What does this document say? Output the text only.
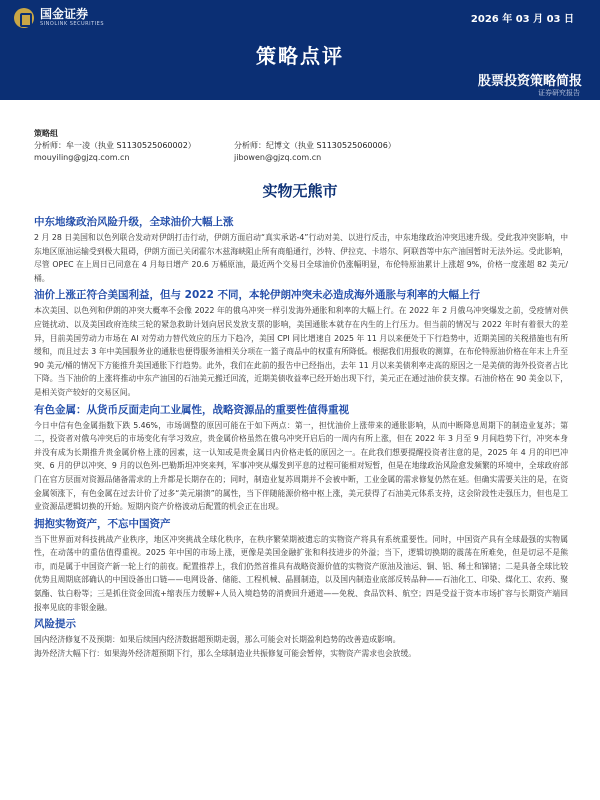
国金证券
SINOLINK SECURITIES	2026 年 03 月 03 日
策略点评
股票投资策略简报
证券研究报告
策略组
分析师：牟一凌（执业 S1130525060002）
mouyiling@gjzq.com.cn
分析师：纪博文（执业 S1130525060006）
jibowen@gjzq.com.cn
实物无熊市
中东地缘政治风险升级，全球油价大幅上涨

2 月 28 日美国和以色列联合发动对伊朗打击行动，伊朗方面启动“真实承诺-4”行动对美、以进行反击，中东地缘政治冲突迅速升级。受此我冲突影响，中东地区原油运输受到极大阻碍，伊朗方面已关闭霍尔木兹海峡阻止所有商船通行，沙特、伊拉克、卡塔尔、阿联酋等中东产油国暂时无法外运。受此影响，尽管 OPEC 在上周日已同意在 4 月每日增产 20.6 万桶原油，最近两个交易日全球油价仍涨幅明显，布伦特原油累计上涨超 9%，价格一度涨超 82 美元/桶。

油价上涨正符合美国利益，但与 2022 不同，本轮伊朗冲突未必造成海外通胀与利率的大幅上行

本次美国、以色列和伊朗的冲突大概率不会像 2022 年的俄乌冲突一样引发海外通胀和利率的大幅上行。在 2022 年 2 月俄乌冲突爆发之前，受疫情对供应链扰动、以及美国政府连续三轮的紧急救助计划向居民发放支票的影响，美国通胀本就存在内生的上行压力。但当前的情况与 2022 年时有着很大的差异，目前美国劳动力市场在 AI 对劳动力替代效应的压力下趋冷，美国 CPI 同比增速自 2025 年 11 月以来便处于下行趋势中，近期美国的关税措施也有所缓和，而且过去 3 年中美国服务业的通胀也便得服务油相关分项在一篮子商品中的权重有所降低。根据我们用报收的测算，在布伦特原油价格在年末上升至 90 美元/桶的情况下方能推升美国通胀下行趋势。此外，我们在此前的报告中已经指出，去年 11 月以来美债利率走高的原因之一是美债的海外投资者占比下降。当下油价的上涨将推动中东产油国的石油美元搬迁回流，近期美债收益率已经开始出现下行，美元正在通过油价获支撑。石油价格在 90 美金以下，是相关资产较好的交易区间。

有色金属：从货币反面走向工业属性，战略资源品的重要性值得重视

今日中信有色金属指数下跌 5.46%，市场调整的原因可能在于如下两点：第一，担忧油价上涨带来的通胀影响，从而中断降息周期下的制造业复苏；第二，投资者对俄乌冲突后的市场变化有学习效应，贵金属价格虽然在俄乌冲突开启后的一周内有所上涨，但在 2022 年 3 月至 9 月间趋势下行，冲突本身并没有成为长期推升贵金属价格上涨的因素，这一认知或是贵金属日内价格走低的原因之一。在此我们想要提醒投资者注意的是，2025 年 4 月的印巴冲突、6 月的伊以冲突、9 月的以色列-巴勒斯坦冲突来判，军事冲突从爆发到平息的过程可能相对短暂，但是在地缘政治风险愈发频繁的环境中，全球政府部门在官方层面对资源品储备需求的上升都是长期存在的；同时，制造业复苏周期并不会被中断，工业金属的需求修复仍然在延。但确实需要关注的是，在资金属领涨下，有色金属在过去计价了过多“美元崩溃”的属性，当下伴随能源价格中枢上涨，美元获得了石油美元体系支持，这会阶段性走强压力，但也是工业资源品逻辑切换的开始。短期内资产价格波动后配置的机会正在出现。

拥抱实物资产，不忘中国资产

当下世界面对科技挑战产业秩序，地区冲突挑战全球化秩序，在秩序繁荣期被遗忘的实物资产将具有系统重要性。同时，中国资产具有全球最强的实物属性，在动荡中的重估值得重视。2025 年中国的市场上涨，更像是美国金融扩张和科技进步的外溢；当下，逻辑切换期的震荡在所难免，但是切忌不是熊市，而是属于中国资产新一轮上行的前夜。配置推荐上，我们仍然首推具有战略资源价值的实物资产原油及油运、铜、铝、稀土和锑锗；二是具备全球比较优势且周期底部确认的中国设备出口链——电网设备、储能、工程机械、晶圆制造，以及国内制造业底部反转品种——石油化工、印染、煤化工、农药、聚氨酯、钛白粉等；三是抓住资金回流+缩表压力缓解+人员入境趋势的消费回升通道——免税、食品饮料、航空；四是受益于资本市场扩容与长期资产端回报率见底的非银金融。

风险提示

国内经济修复不及预期：如果后续国内经济数据超预期走弱，那么可能会对长期盈利趋势的改善造成影响。
海外经济大幅下行：如果海外经济超预期下行，那么全球制造业共振修复可能会暂停，实物资产需求也会放缓。
